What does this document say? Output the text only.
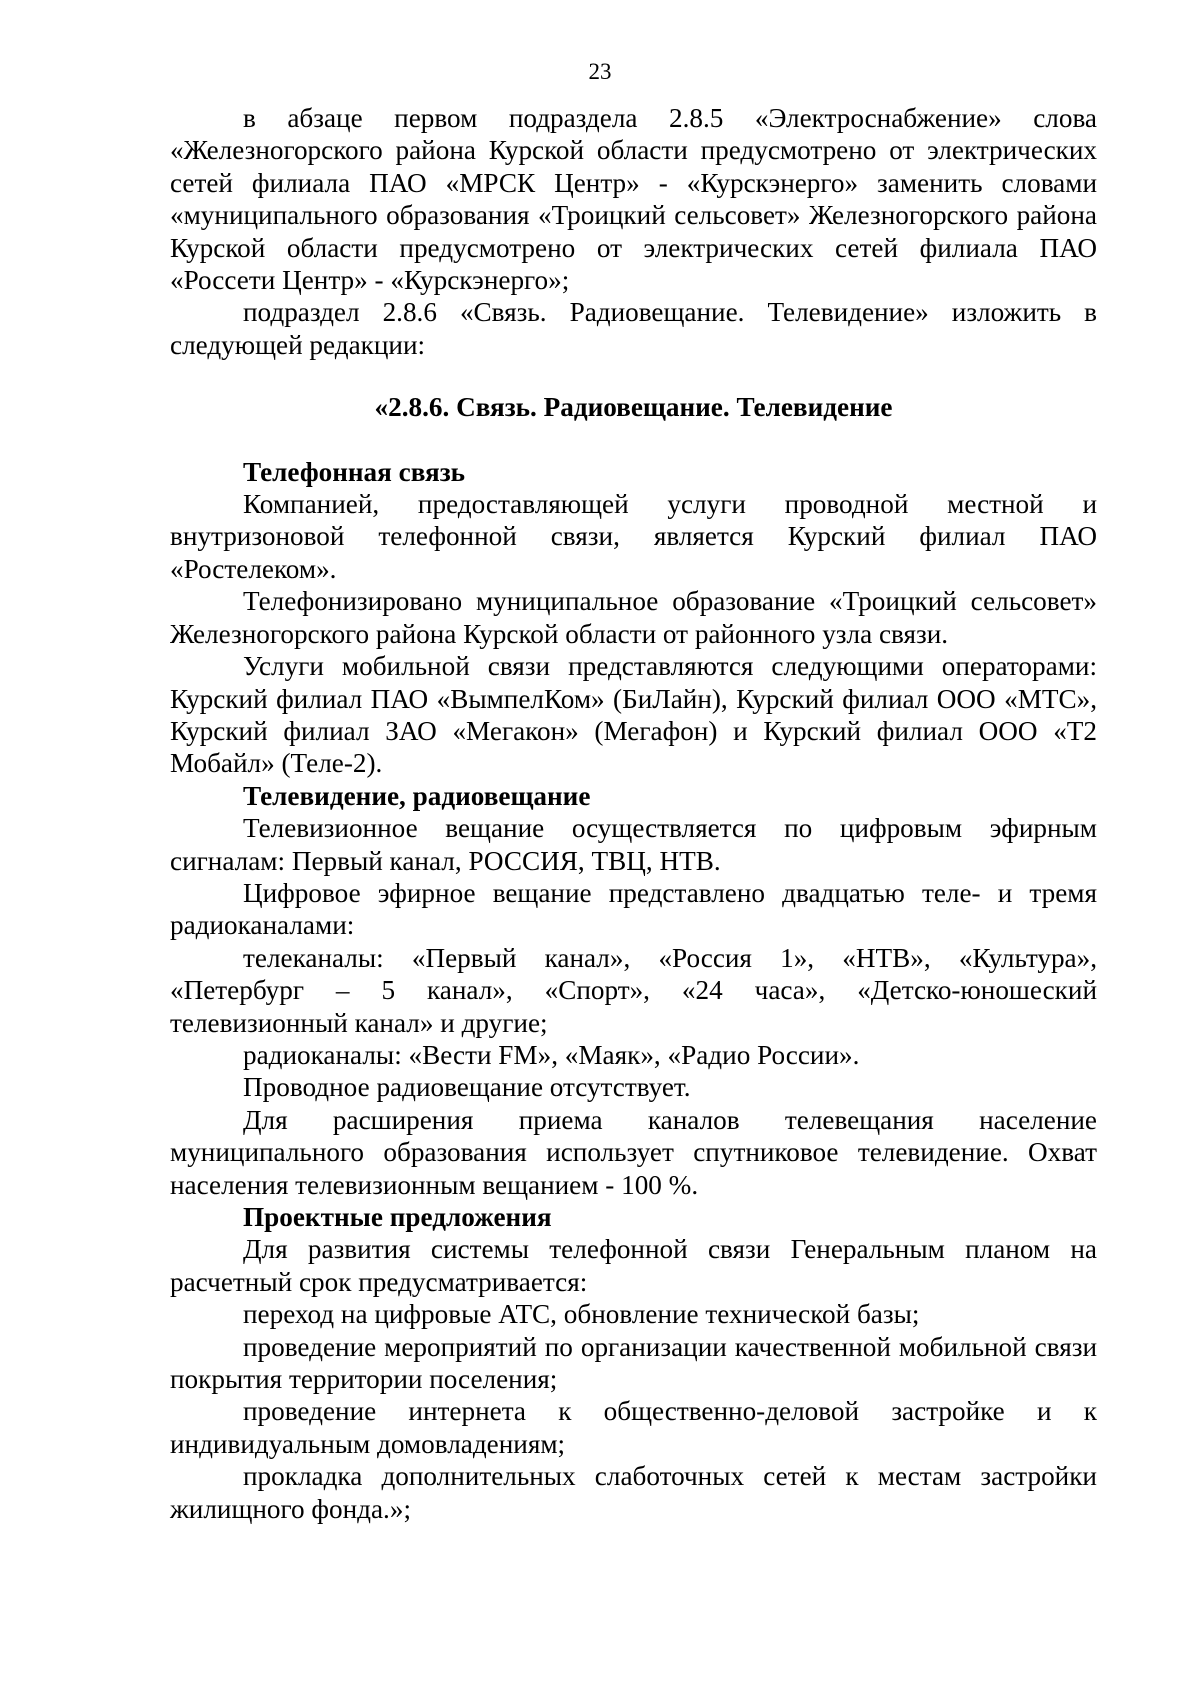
23

в абзаце первом подраздела 2.8.5 «Электроснабжение» слова «Железногорского района Курской области предусмотрено от электрических сетей филиала ПАО «МРСК Центр» - «Курскэнерго» заменить словами «муниципального образования «Троицкий сельсовет» Железногорского района Курской области предусмотрено от электрических сетей филиала ПАО «Россети Центр» - «Курскэнерго»;

подраздел 2.8.6 «Связь. Радиовещание. Телевидение» изложить в следующей редакции:

«2.8.6. Связь. Радиовещание. Телевидение

Телефонная связь

Компанией, предоставляющей услуги проводной местной и внутризоновой телефонной связи, является Курский филиал ПАО «Ростелеком».

Телефонизировано муниципальное образование «Троицкий сельсовет» Железногорского района Курской области от районного узла связи.

Услуги мобильной связи представляются следующими операторами: Курский филиал ПАО «ВымпелКом» (БиЛайн), Курский филиал ООО «МТС», Курский филиал ЗАО «Мегакон» (Мегафон) и Курский филиал ООО «Т2 Мобайл» (Теле-2).

Телевидение, радиовещание

Телевизионное вещание осуществляется по цифровым эфирным сигналам: Первый канал, РОССИЯ, ТВЦ, НТВ.

Цифровое эфирное вещание представлено двадцатью теле- и тремя радиоканалами:

телеканалы: «Первый канал», «Россия 1», «НТВ», «Культура», «Петербург – 5 канал», «Спорт», «24 часа», «Детско-юношеский телевизионный канал» и другие;

радиоканалы: «Вести FM», «Маяк», «Радио России».

Проводное радиовещание отсутствует.

Для расширения приема каналов телевещания население муниципального образования использует спутниковое телевидение. Охват населения телевизионным вещанием - 100 %.

Проектные предложения

Для развития системы телефонной связи Генеральным планом на расчетный срок предусматривается:

переход на цифровые АТС, обновление технической базы;

проведение мероприятий по организации качественной мобильной связи покрытия территории поселения;

проведение интернета к общественно-деловой застройке и к индивидуальным домовладениям;

прокладка дополнительных слаботочных сетей к местам застройки жилищного фонда.»;
